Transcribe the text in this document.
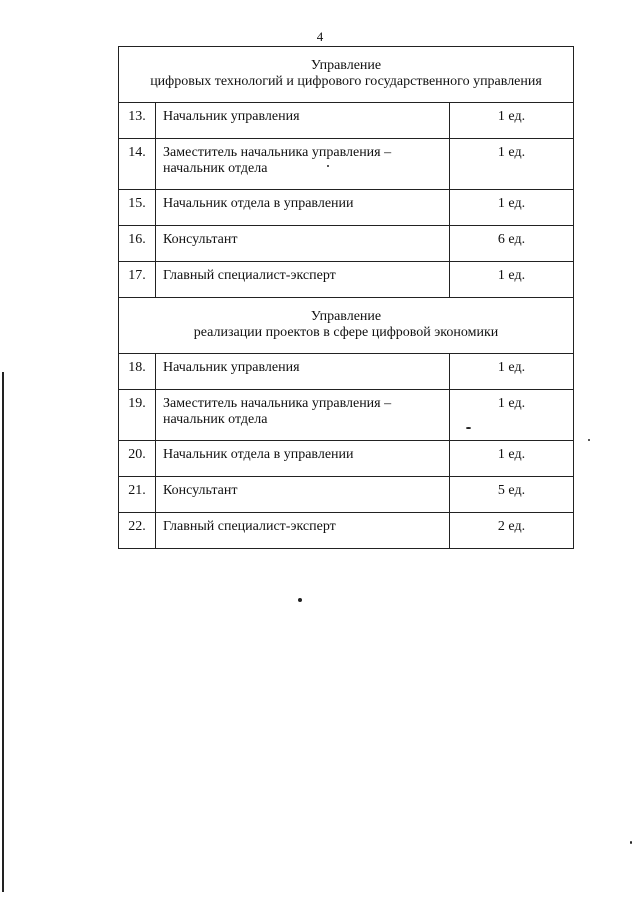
4
Управление
цифровых технологий и цифрового государственного управления		

13.	Начальник управления	1 ед.
14.	Заместитель начальника управления –
начальник отдела	1 ед.
15.	Начальник отдела в управлении	1 ед.
16.	Консультант	6 ед.
17.	Главный специалист-эксперт	1 ед.

Управление
реализации проектов в сфере цифровой экономики		

18.	Начальник управления	1 ед.
19.	Заместитель начальника управления –
начальник отдела	1 ед.
20.	Начальник отдела в управлении	1 ед.
21.	Консультант	5 ед.
22.	Главный специалист-эксперт	2 ед.
